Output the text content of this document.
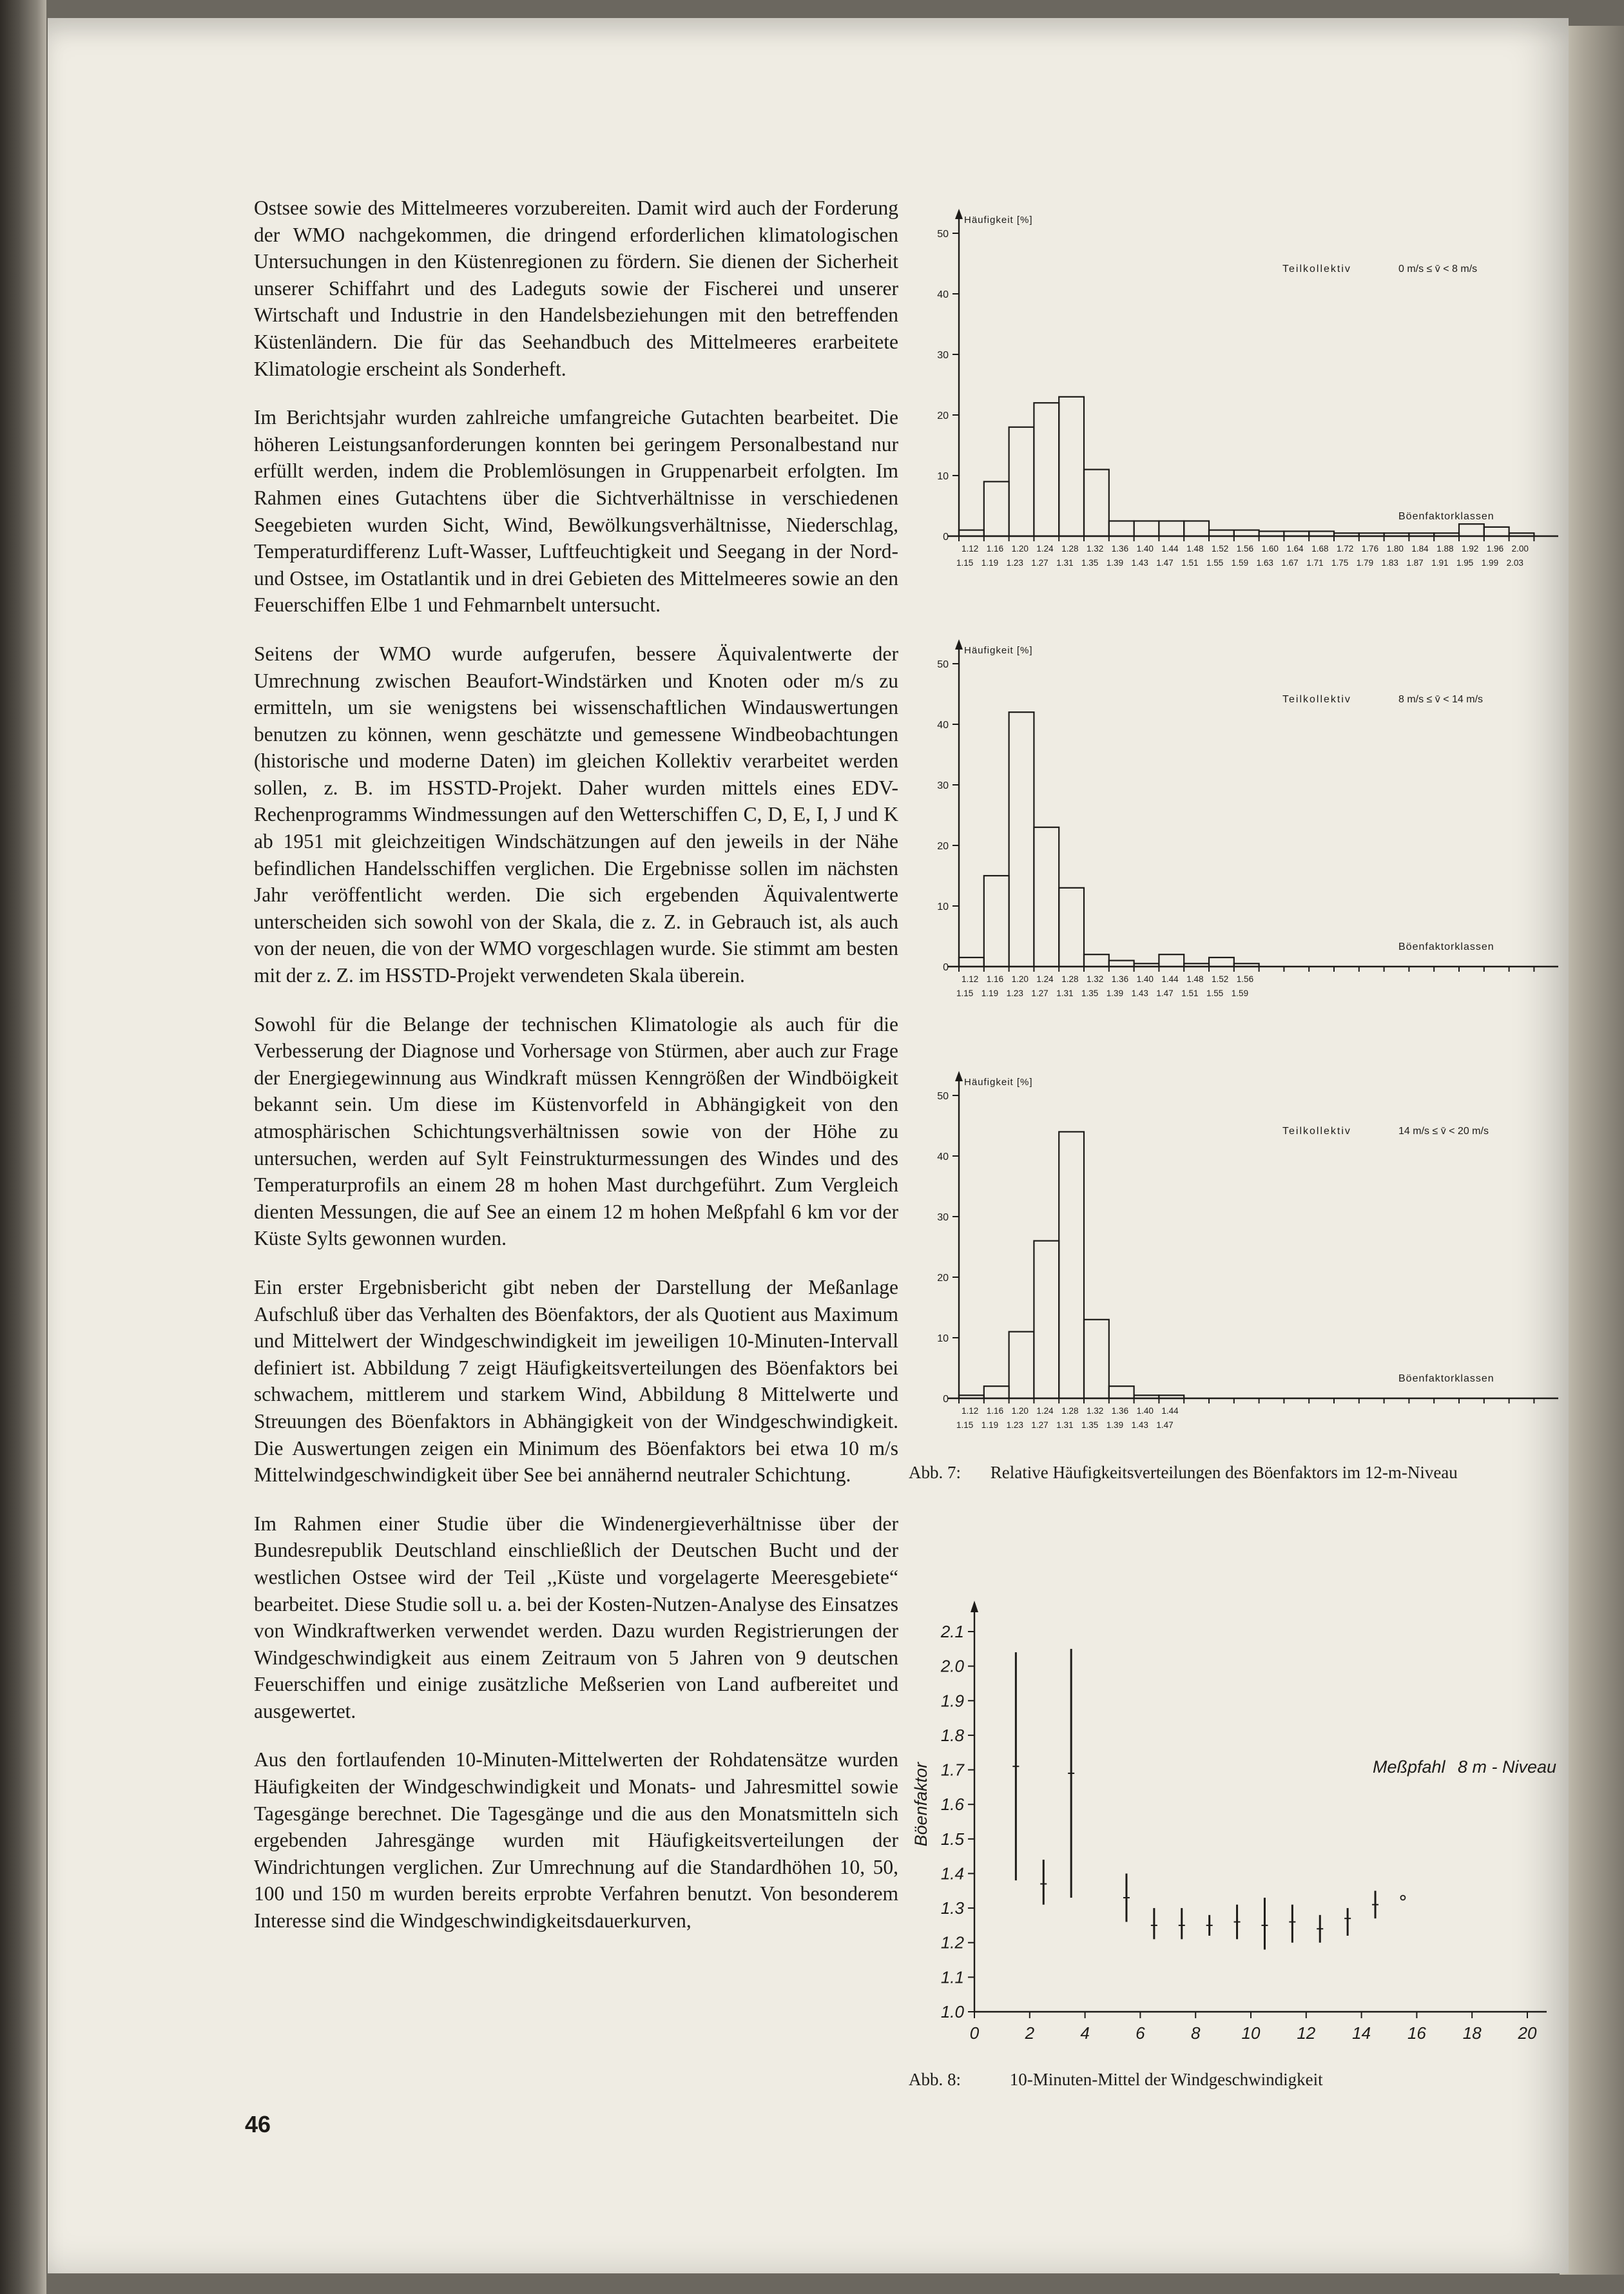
Ostsee sowie des Mittelmeeres vorzubereiten. Damit wird auch der Forderung der WMO nachgekommen, die dringend erforderlichen klimatologischen Untersuchungen in den Küstenregionen zu fördern. Sie dienen der Sicherheit unserer Schiffahrt und des Ladeguts sowie der Fischerei und unserer Wirtschaft und Industrie in den Handelsbeziehungen mit den betreffenden Küstenländern. Die für das Seehandbuch des Mittelmeeres erarbeitete Klimatologie erscheint als Sonderheft.

Im Berichtsjahr wurden zahlreiche umfangreiche Gutachten bearbeitet. Die höheren Leistungsanforderungen konnten bei geringem Personalbestand nur erfüllt werden, indem die Problemlösungen in Gruppenarbeit erfolgten. Im Rahmen eines Gutachtens über die Sichtverhältnisse in verschiedenen Seegebieten wurden Sicht, Wind, Bewölkungsverhältnisse, Niederschlag, Temperaturdifferenz Luft-Wasser, Luftfeuchtigkeit und Seegang in der Nord- und Ostsee, im Ostatlantik und in drei Gebieten des Mittelmeeres sowie an den Feuerschiffen Elbe 1 und Fehmarnbelt untersucht.

Seitens der WMO wurde aufgerufen, bessere Äquivalentwerte der Umrechnung zwischen Beaufort-Windstärken und Knoten oder m/s zu ermitteln, um sie wenigstens bei wissenschaftlichen Windauswertungen benutzen zu können, wenn geschätzte und gemessene Windbeobachtungen (historische und moderne Daten) im gleichen Kollektiv verarbeitet werden sollen, z. B. im HSSTD-Projekt. Daher wurden mittels eines EDV-Rechenprogramms Windmessungen auf den Wetterschiffen C, D, E, I, J und K ab 1951 mit gleichzeitigen Windschätzungen auf den jeweils in der Nähe befindlichen Handelsschiffen verglichen. Die Ergebnisse sollen im nächsten Jahr veröffentlicht werden. Die sich ergebenden Äquivalentwerte unterscheiden sich sowohl von der Skala, die z. Z. in Gebrauch ist, als auch von der neuen, die von der WMO vorgeschlagen wurde. Sie stimmt am besten mit der z. Z. im HSSTD-Projekt verwendeten Skala überein.

Sowohl für die Belange der technischen Klimatologie als auch für die Verbesserung der Diagnose und Vorhersage von Stürmen, aber auch zur Frage der Energiegewinnung aus Windkraft müssen Kenngrößen der Windböigkeit bekannt sein. Um diese im Küstenvorfeld in Abhängigkeit von den atmosphärischen Schichtungsverhältnissen sowie von der Höhe zu untersuchen, werden auf Sylt Feinstrukturmessungen des Windes und des Temperaturprofils an einem 28 m hohen Mast durchgeführt. Zum Vergleich dienten Messungen, die auf See an einem 12 m hohen Meßpfahl 6 km vor der Küste Sylts gewonnen wurden.

Ein erster Ergebnisbericht gibt neben der Darstellung der Meßanlage Aufschluß über das Verhalten des Böenfaktors, der als Quotient aus Maximum und Mittelwert der Windgeschwindigkeit im jeweiligen 10-Minuten-Intervall definiert ist. Abbildung 7 zeigt Häufigkeitsverteilungen des Böenfaktors bei schwachem, mittlerem und starkem Wind, Abbildung 8 Mittelwerte und Streuungen des Böenfaktors in Abhängigkeit von der Windgeschwindigkeit. Die Auswertungen zeigen ein Minimum des Böenfaktors bei etwa 10 m/s Mittelwindgeschwindigkeit über See bei annähernd neutraler Schichtung.

Im Rahmen einer Studie über die Windenergieverhältnisse über der Bundesrepublik Deutschland einschließlich der Deutschen Bucht und der westlichen Ostsee wird der Teil ,,Küste und vorgelagerte Meeresgebiete“ bearbeitet. Diese Studie soll u. a. bei der Kosten-Nutzen-Analyse des Einsatzes von Windkraftwerken verwendet werden. Dazu wurden Registrierungen der Windgeschwindigkeit aus einem Zeitraum von 5 Jahren von 9 deutschen Feuerschiffen und einige zusätzliche Meßserien von Land aufbereitet und ausgewertet.

Aus den fortlaufenden 10-Minuten-Mittelwerten der Rohdatensätze wurden Häufigkeiten der Windgeschwindigkeit und Monats- und Jahresmittel sowie Tagesgänge berechnet. Die Tagesgänge und die aus den Monatsmitteln sich ergebenden Jahresgänge wurden mit Häufigkeitsverteilungen der Windrichtungen verglichen. Zur Umrechnung auf die Standardhöhen 10, 50, 100 und 150 m wurden bereits erprobte Verfahren benutzt. Von besonderem Interesse sind die Windgeschwindigkeitsdauerkurven,

46
Häufigkeit [%]
0
10
20
30
40
50
1.12 1.16 1.20 1.24 1.28 1.32 1.36 1.40 1.44 1.48 1.52 1.56 1.60 1.64 1.68 1.72 1.76 1.80 1.84 1.88 1.92 1.96 2.00
1.15 1.19 1.23 1.27 1.31 1.35 1.39 1.43 1.47 1.51 1.55 1.59 1.63 1.67 1.71 1.75 1.79 1.83 1.87 1.91 1.95 1.99 2.03
Teilkollektiv	0 m/s ≤ v̄ < 8 m/s
Böenfaktorklassen
Häufigkeit [%]
0
10
20
30
40
50
1.12 1.16 1.20 1.24 1.28 1.32 1.36 1.40 1.44 1.48 1.52 1.56
1.15 1.19 1.23 1.27 1.31 1.35 1.39 1.43 1.47 1.51 1.55 1.59
Teilkollektiv	8 m/s ≤ v̄ < 14 m/s
Böenfaktorklassen
Häufigkeit [%]
0
10
20
30
40
50
1.12 1.16 1.20 1.24 1.28 1.32 1.36 1.40 1.44
1.15 1.19 1.23 1.27 1.31 1.35 1.39 1.43 1.47
Teilkollektiv	14 m/s ≤ v̄ < 20 m/s
Böenfaktorklassen
Abb. 7: Relative Häufigkeitsverteilungen des Böenfaktors im 12-m-Niveau
1.0
1.1
1.2
1.3
1.4
1.5
1.6
1.7
1.8
1.9
2.0
2.1
0	2	4	6	8 10 12 14 16 18 20
Böenfaktor	Meßpfahl 8 m - Niveau
Abb. 8:	10-Minuten-Mittel der Windgeschwindigkeit
